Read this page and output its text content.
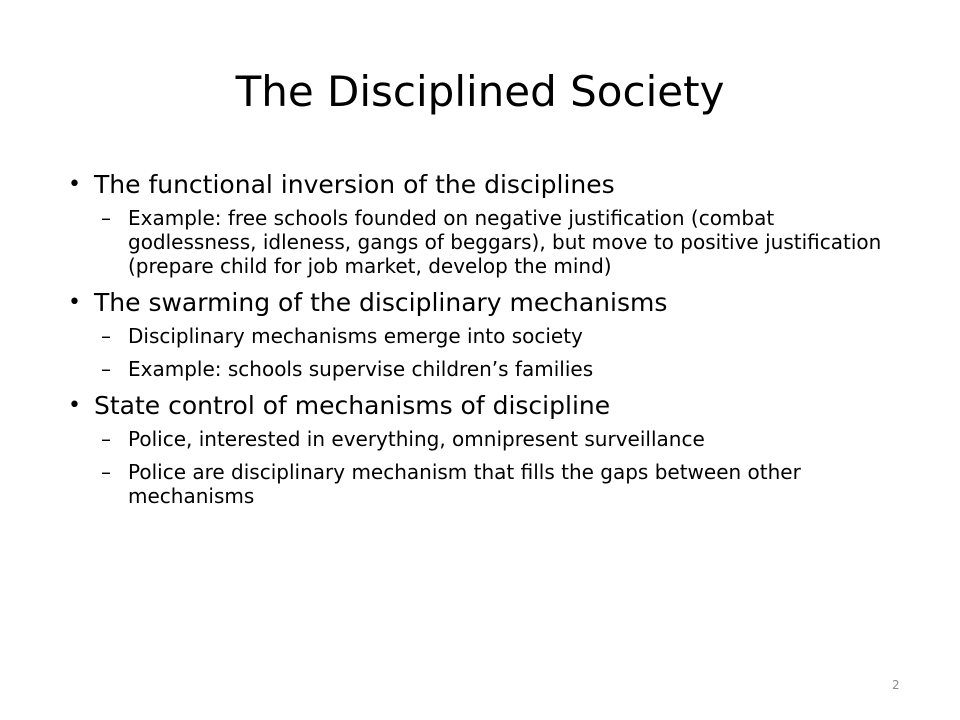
The Disciplined Society
• The functional inversion of the disciplines
– Example: free schools founded on negative justification (combat godlessness, idleness, gangs of beggars), but move to positive justification (prepare child for job market, develop the mind)
• The swarming of the disciplinary mechanisms
– Disciplinary mechanisms emerge into society
– Example: schools supervise children’s families
• State control of mechanisms of discipline
– Police, interested in everything, omnipresent surveillance
– Police are disciplinary mechanism that fills the gaps between other mechanisms
2
